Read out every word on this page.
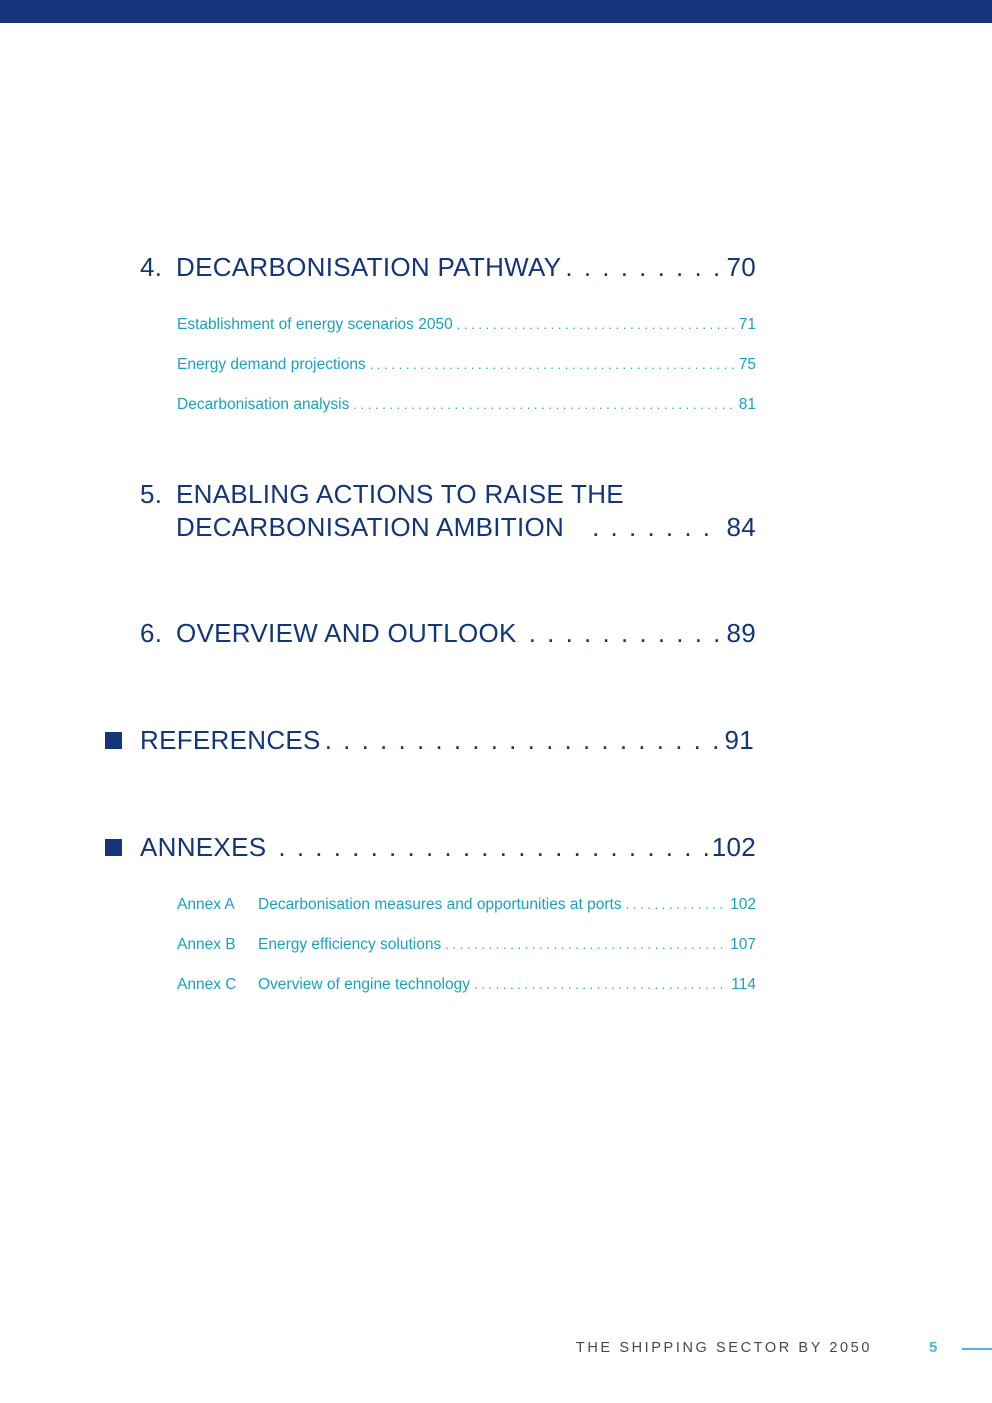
4. DECARBONISATION PATHWAY . . .	70
Establishment of energy scenarios 2050 . . .	71
Energy demand projections . . .	75
Decarbonisation analysis . . .	81
5. ENABLING ACTIONS TO RAISE THE
DECARBONISATION AMBITION . . .	84
6. OVERVIEW AND OUTLOOK . . .	89
REFERENCES . . .	91
ANNEXES . . .	102
Annex A Decarbonisation measures and opportunities at ports . . .	102
Annex B Energy efficiency solutions . . .	107
Annex C Overview of engine technology . . .	114
THE SHIPPING SECTOR BY 2050	5
